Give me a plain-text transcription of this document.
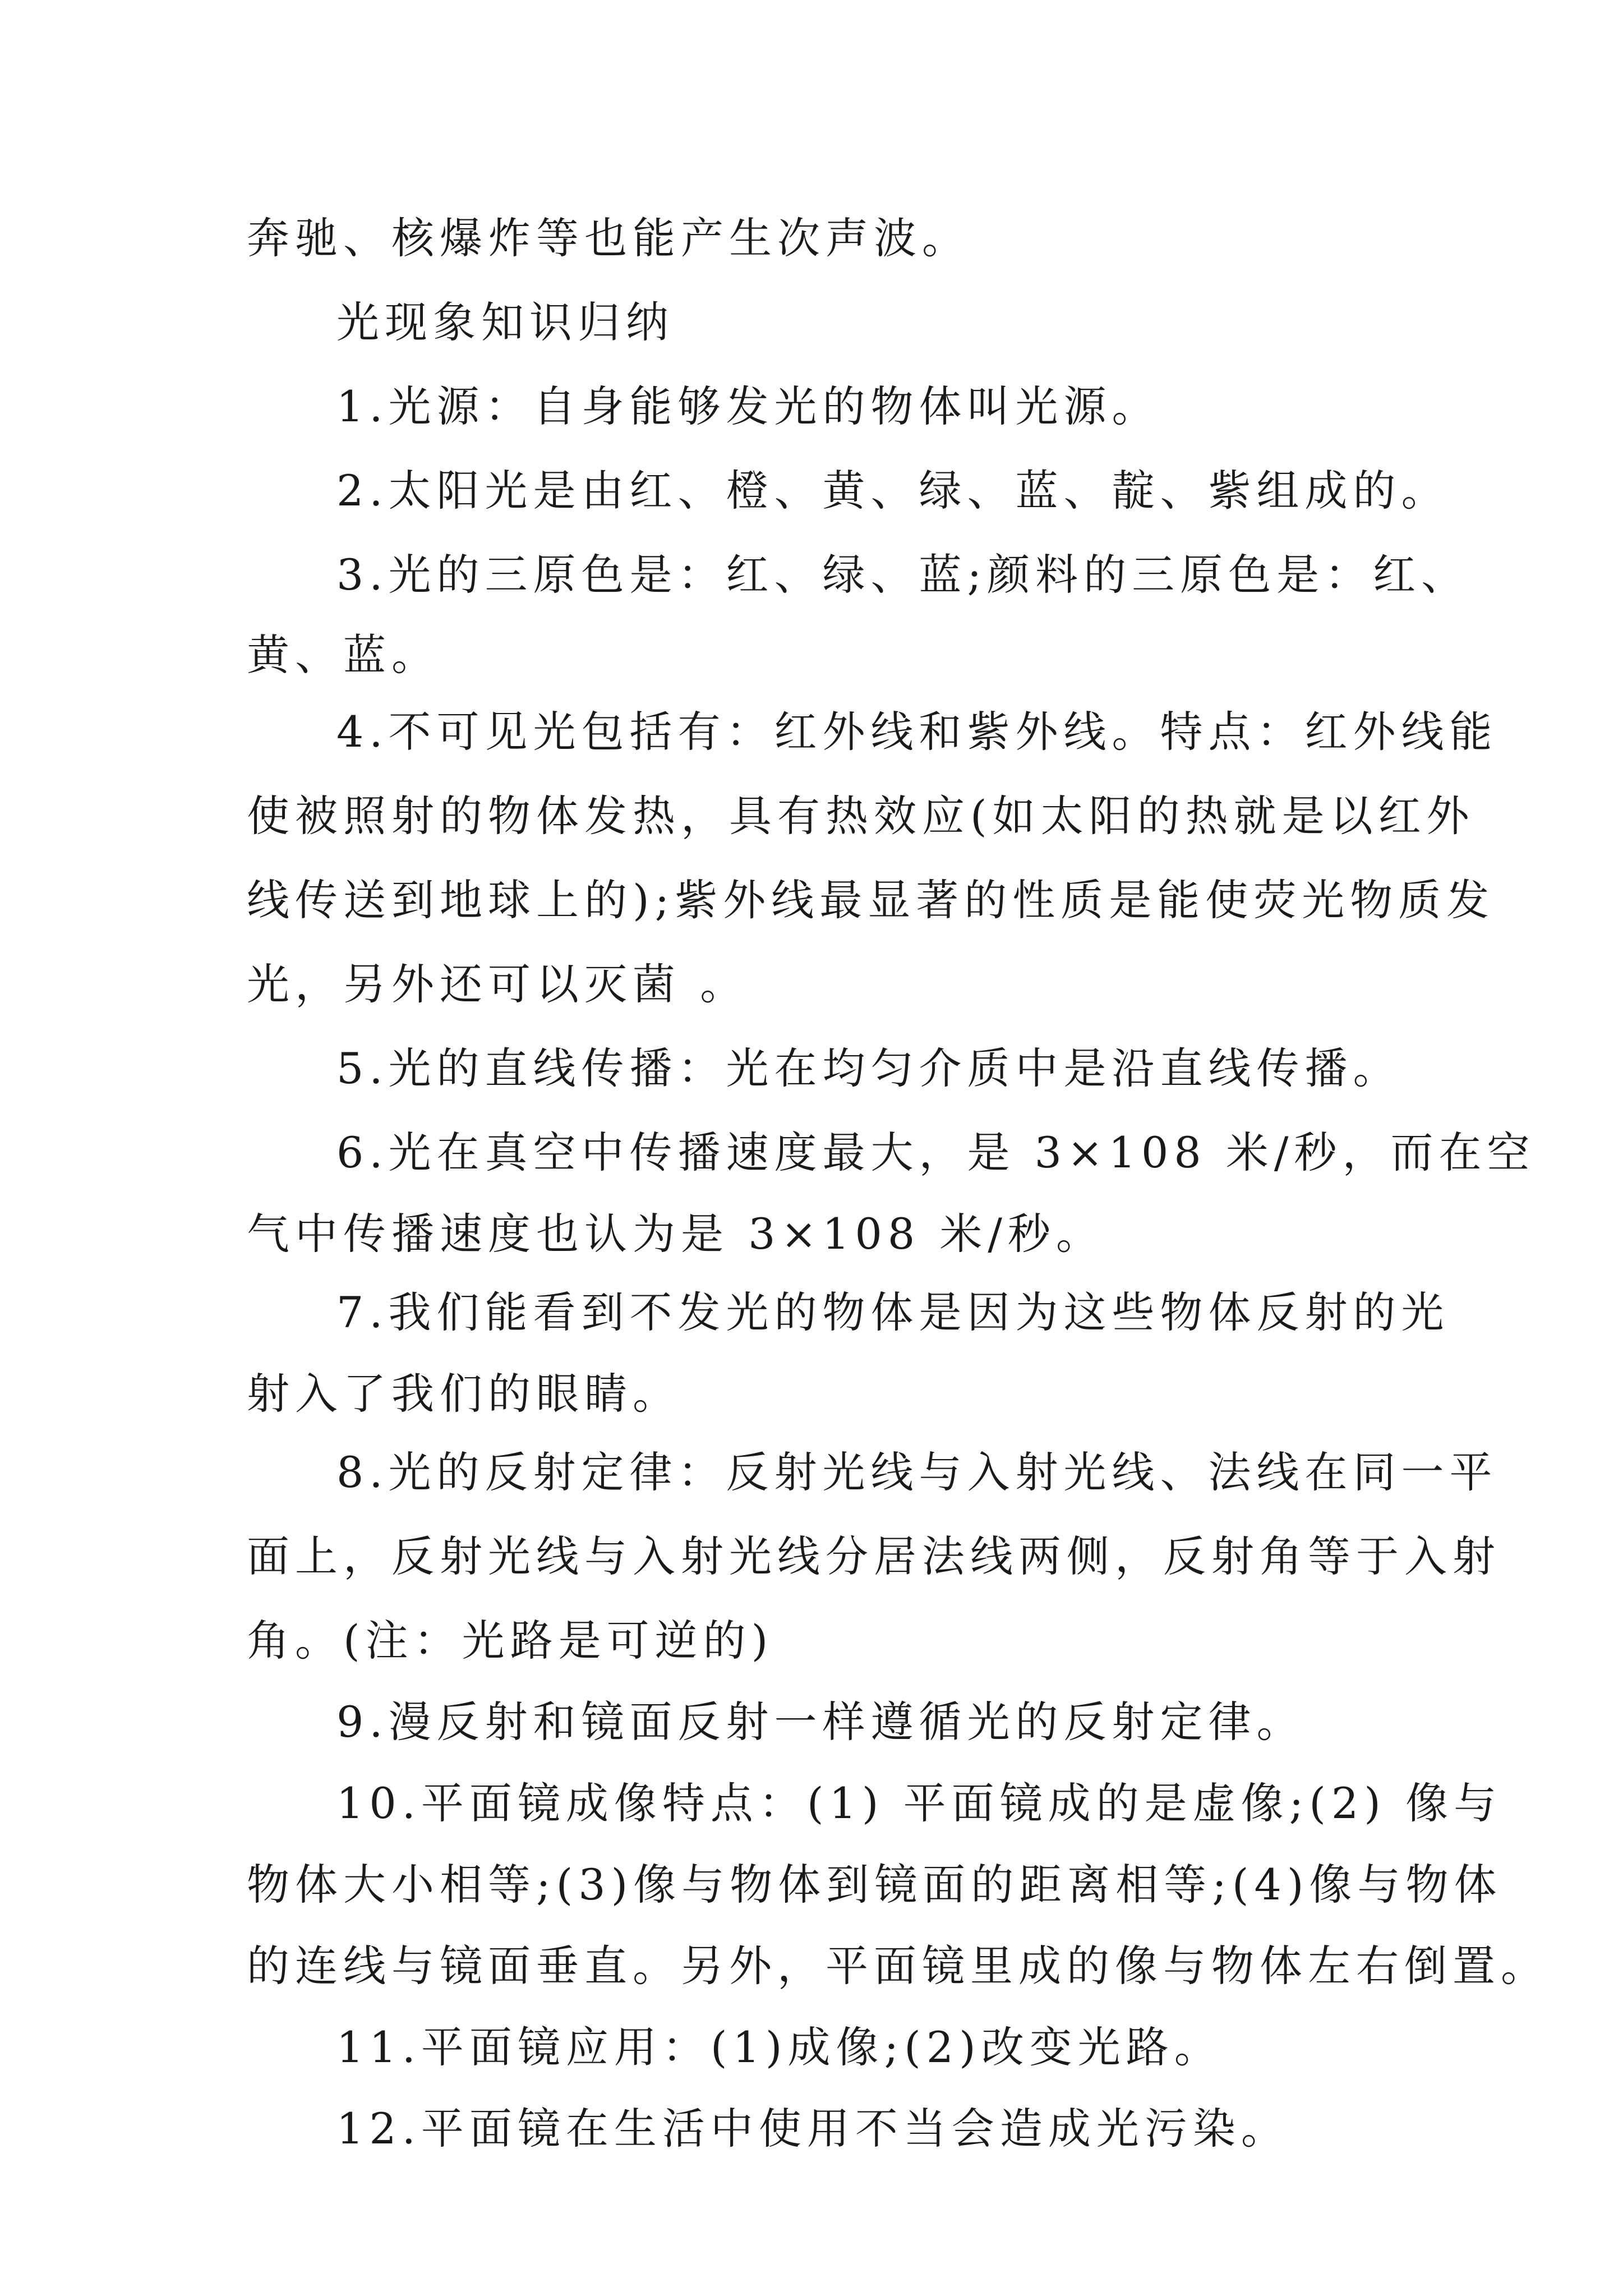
奔驰、核爆炸等也能产生次声波。
光现象知识归纳
1.光源：自身能够发光的物体叫光源。
2.太阳光是由红、橙、黄、绿、蓝、靛、紫组成的。
3.光的三原色是：红、绿、蓝;颜料的三原色是：红、
黄、蓝。
4.不可见光包括有：红外线和紫外线。特点：红外线能
使被照射的物体发热，具有热效应(如太阳的热就是以红外
线传送到地球上的);紫外线最显著的性质是能使荧光物质发
光，另外还可以灭菌 。
5.光的直线传播：光在均匀介质中是沿直线传播。
6.光在真空中传播速度最大，是 3×108 米/秒，而在空
气中传播速度也认为是 3×108 米/秒。
7.我们能看到不发光的物体是因为这些物体反射的光
射入了我们的眼睛。
8.光的反射定律：反射光线与入射光线、法线在同一平
面上，反射光线与入射光线分居法线两侧，反射角等于入射
角。(注：光路是可逆的)
9.漫反射和镜面反射一样遵循光的反射定律。
10.平面镜成像特点：(1) 平面镜成的是虚像;(2) 像与
物体大小相等;(3)像与物体到镜面的距离相等;(4)像与物体
的连线与镜面垂直。另外，平面镜里成的像与物体左右倒置。
11.平面镜应用：(1)成像;(2)改变光路。
12.平面镜在生活中使用不当会造成光污染。
